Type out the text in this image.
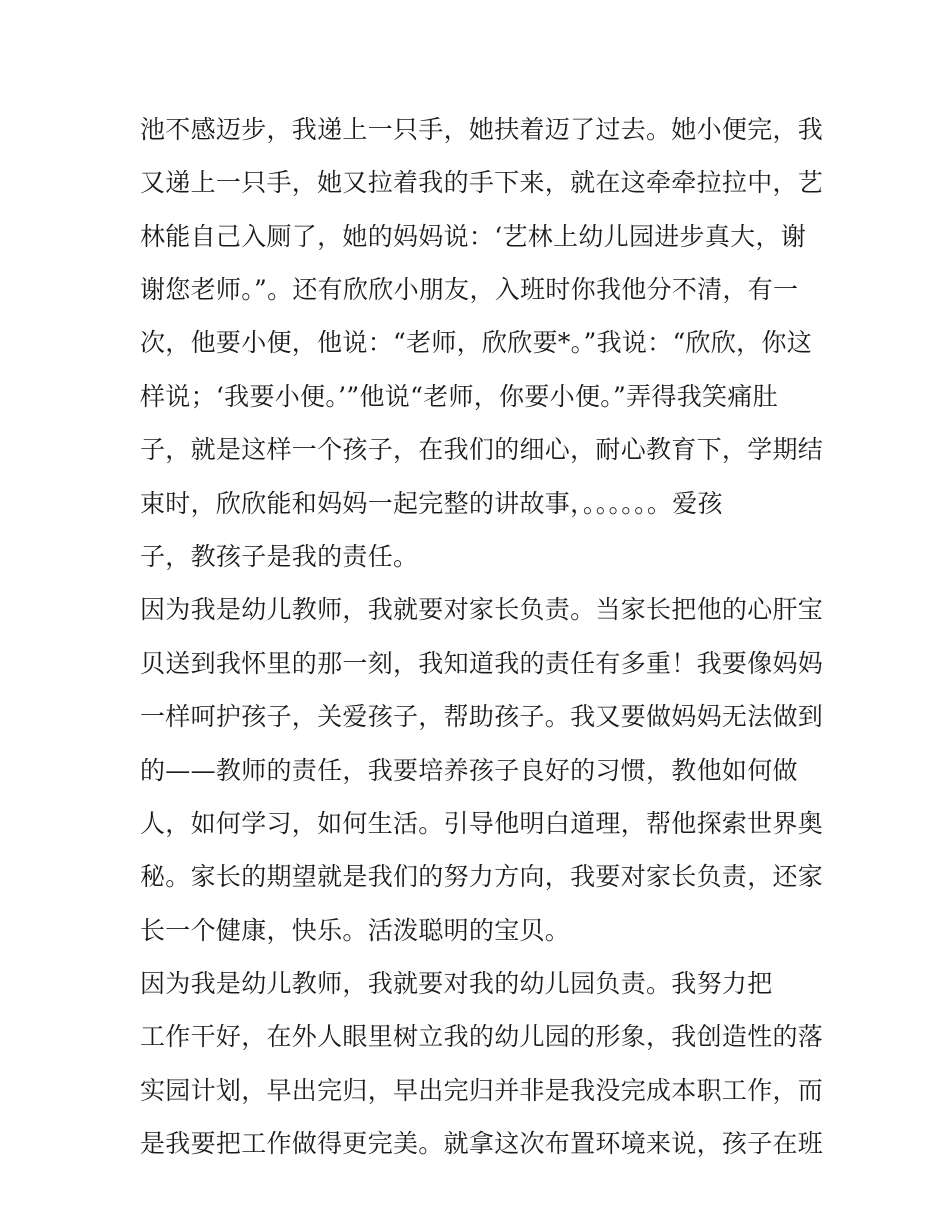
池不感迈步，我递上一只手，她扶着迈了过去。她小便完，我
又递上一只手，她又拉着我的手下来，就在这牵牵拉拉中，艺
林能自己入厕了，她的妈妈说：‘艺林上幼儿园进步真大，谢
谢您老师。”。还有欣欣小朋友，入班时你我他分不清，有一
次，他要小便，他说：“老师，欣欣要*。”我说：“欣欣，你这
样说；‘我要小便。’”他说“老师，你要小便。”弄得我笑痛肚
子，就是这样一个孩子，在我们的细心，耐心教育下，学期结
束时，欣欣能和妈妈一起完整的讲故事，。。。。。。爱孩
子，教孩子是我的责任。
因为我是幼儿教师，我就要对家长负责。当家长把他的心肝宝
贝送到我怀里的那一刻，我知道我的责任有多重！我要像妈妈
一样呵护孩子，关爱孩子，帮助孩子。我又要做妈妈无法做到
的——教师的责任，我要培养孩子良好的习惯，教他如何做
人，如何学习，如何生活。引导他明白道理，帮他探索世界奥
秘。家长的期望就是我们的努力方向，我要对家长负责，还家
长一个健康，快乐。活泼聪明的宝贝。
因为我是幼儿教师，我就要对我的幼儿园负责。我努力把
工作干好，在外人眼里树立我的幼儿园的形象，我创造性的落
实园计划，早出完归，早出完归并非是我没完成本职工作，而
是我要把工作做得更完美。就拿这次布置环境来说，孩子在班
